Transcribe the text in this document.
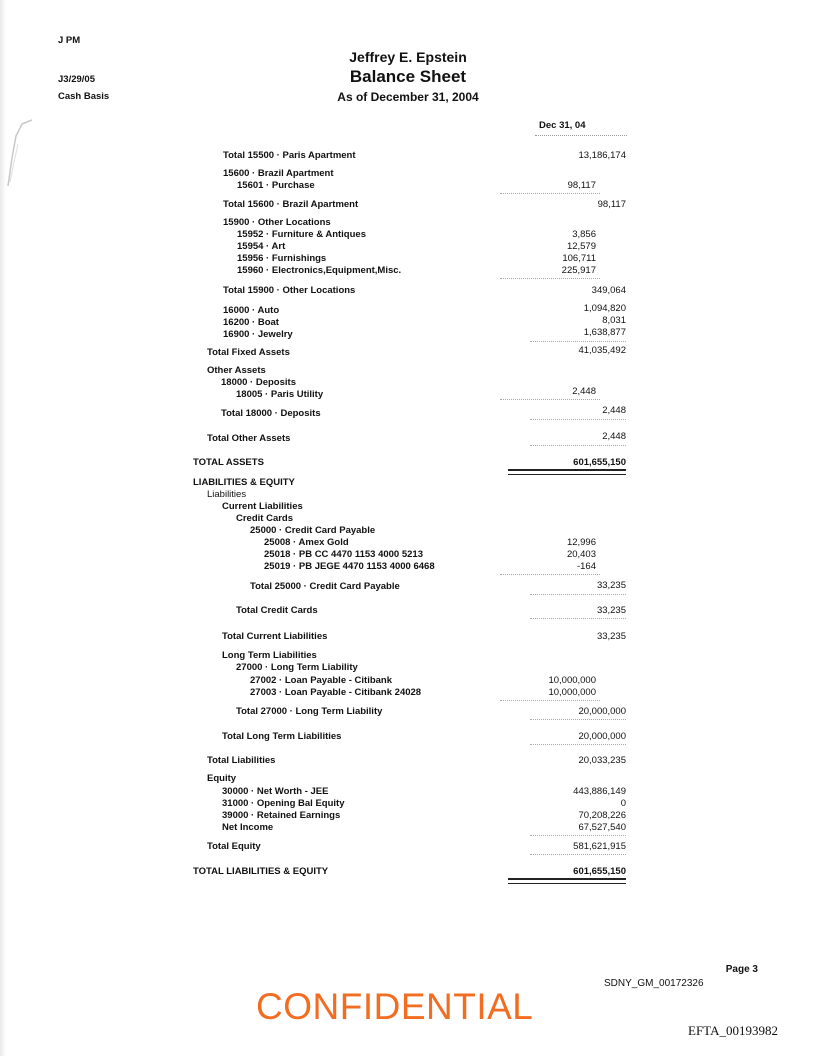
J PM
J3/29/05
Cash Basis
Jeffrey E. Epstein
Balance Sheet
As of December 31, 2004
Dec 31, 04
Total 15500 · Paris Apartment	13,186,174
15600 · Brazil Apartment
15601 · Purchase	98,117
Total 15600 · Brazil Apartment	98,117
15900 · Other Locations
15952 · Furniture & Antiques	3,856
15954 · Art	12,579
15956 · Furnishings	106,711
15960 · Electronics,Equipment,Misc.	225,917
Total 15900 · Other Locations	349,064
16000 · Auto	1,094,820
16200 · Boat	8,031
16900 · Jewelry	1,638,877
Total Fixed Assets	41,035,492
Other Assets
18000 · Deposits
18005 · Paris Utility	2,448
Total 18000 · Deposits	2,448
Total Other Assets	2,448
TOTAL ASSETS	601,655,150
LIABILITIES & EQUITY
Liabilities
Current Liabilities
Credit Cards
25000 · Credit Card Payable
25008 · Amex Gold	12,996
25018 · PB CC 4470 1153 4000 5213	20,403
25019 · PB JEGE 4470 1153 4000 6468	-164
Total 25000 · Credit Card Payable	33,235
Total Credit Cards	33,235
Total Current Liabilities	33,235
Long Term Liabilities
27000 · Long Term Liability
27002 · Loan Payable - Citibank	10,000,000
27003 · Loan Payable - Citibank 24028	10,000,000
Total 27000 · Long Term Liability	20,000,000
Total Long Term Liabilities	20,000,000
Total Liabilities	20,033,235
Equity
30000 · Net Worth - JEE	443,886,149
31000 · Opening Bal Equity	0
39000 · Retained Earnings	70,208,226
Net Income	67,527,540
Total Equity	581,621,915
TOTAL LIABILITIES & EQUITY	601,655,150
Page 3
SDNY_GM_00172326
CONFIDENTIAL
EFTA_00193982
